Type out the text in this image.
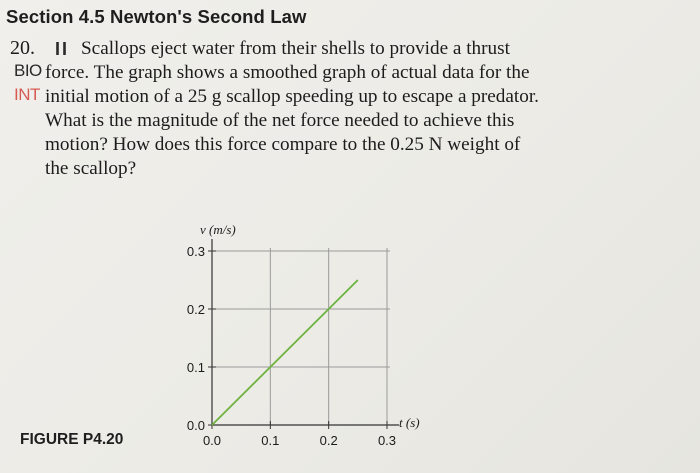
Section 4.5 Newton's Second Law
20. II
BIO
INT
Scallops eject water from their shells to provide a thrust
force. The graph shows a smoothed graph of actual data for the
initial motion of a 25 g scallop speeding up to escape a predator.
What is the magnitude of the net force needed to achieve this
motion? How does this force compare to the 0.25 N weight of
the scallop?
0.0	0.1	0.2	0.3
0.0
0.1
0.2
0.3
v (m/s)
t (s)
FIGURE P4.20
